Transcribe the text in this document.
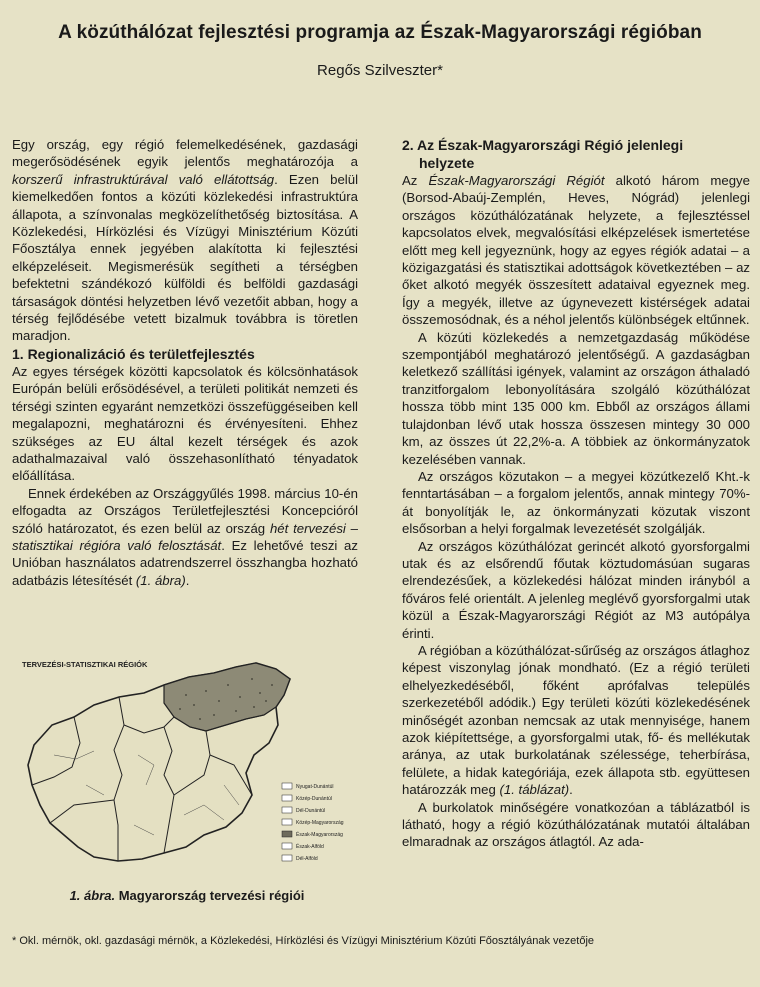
A közúthálózat fejlesztési programja az Észak-Magyarországi régióban
Regős Szilveszter*

Egy ország, egy régió felemelkedésének, gazdasági megerősödésének egyik jelentős meghatározója a korszerű infrastruktúrával való ellátottság. Ezen belül kiemelkedően fontos a közúti közlekedési infrastruktúra állapota, a színvonalas megközelíthetőség biztosítása. A Közlekedési, Hírközlési és Vízügyi Minisztérium Közúti Főosztálya ennek jegyében alakította ki fejlesztési elképzeléseit. Megismerésük segítheti a térségben befektetni szándékozó külföldi és belföldi gazdasági társaságok döntési helyzetben lévő vezetőit abban, hogy a térség fejlődésébe vetett bizalmuk továbbra is töretlen maradjon.

1. Regionalizáció és területfejlesztés

Az egyes térségek közötti kapcsolatok és kölcsönhatások Európán belüli erősödésével, a területi politikát nemzeti és térségi szinten egyaránt nemzetközi összefüggéseiben kell megalapozni, meghatározni és érvényesíteni. Ehhez szükséges az EU által kezelt térségek és azok adathalmazaival való összehasonlítható tényadatok előállítása.

Ennek érdekében az Országgyűlés 1998. március 10-én elfogadta az Országos Területfejlesztési Koncepcióról szóló határozatot, és ezen belül az ország hét tervezési – statisztikai régióra való felosztását. Ez lehetővé teszi az Unióban használatos adatrendszerrel összhangba hozható adatbázis létesítését (1. ábra).

TERVEZÉSI-STATISZTIKAI RÉGIÓK
Nyugat-Dunántúl
Közép-Dunántúl
Dél-Dunántúl
Közép-Magyarország
Észak-Magyarország
Észak-Alföld
Dél-Alföld
1. ábra. Magyarország tervezési régiói

2. Az Észak-Magyarországi Régió jelenlegi
helyzete

Az Észak-Magyarországi Régiót alkotó három megye (Borsod-Abaúj-Zemplén, Heves, Nógrád) jelenlegi országos közúthálózatának helyzete, a fejlesztéssel kapcsolatos elvek, megvalósítási elképzelések ismertetése előtt meg kell jegyeznünk, hogy az egyes régiók adatai – a közigazgatási és statisztikai adottságok következtében – az őket alkotó megyék összesített adataival egyeznek meg. Így a megyék, illetve az úgynevezett kistérségek adatai összemosódnak, és a néhol jelentős különbségek eltűnnek.

A közúti közlekedés a nemzetgazdaság működése szempontjából meghatározó jelentőségű. A gazdaságban keletkező szállítási igények, valamint az országon áthaladó tranzitforgalom lebonyolítására szolgáló közúthálózat hossza több mint 135 000 km. Ebből az országos állami tulajdonban lévő utak hossza összesen mintegy 30 000 km, az összes út 22,2%-a. A többiek az önkormányzatok kezelésében vannak.

Az országos közutakon – a megyei közútkezelő Kht.-k fenntartásában – a forgalom jelentős, annak mintegy 70%-át bonyolítják le, az önkormányzati közutak viszont elsősorban a helyi forgalmak levezetését szolgálják.

Az országos közúthálózat gerincét alkotó gyorsforgalmi utak és az elsőrendű főutak köztudomásúan sugaras elrendezésűek, a közlekedési hálózat minden irányból a főváros felé orientált. A jelenleg meglévő gyorsforgalmi utak közül a Észak-Magyarországi Régiót az M3 autópálya érinti.

A régióban a közúthálózat-sűrűség az országos átlaghoz képest viszonylag jónak mondható. (Ez a régió területi elhelyezkedéséből, főként aprófalvas település szerkezetéből adódik.) Egy területi közúti közlekedésének minőségét azonban nemcsak az utak mennyisége, hanem azok kiépítettsége, a gyorsforgalmi utak, fő- és mellékutak aránya, az utak burkolatának szélessége, teherbírása, felülete, a hidak kategóriája, ezek állapota stb. együttesen határozzák meg (1. táblázat).

A burkolatok minőségére vonatkozóan a táblázatból is látható, hogy a régió közúthálózatának mutatói általában elmaradnak az országos átlagtól. Az ada-

* Okl. mérnök, okl. gazdasági mérnök, a Közlekedési, Hírközlési és Vízügyi Minisztérium Közúti Főosztályának vezetője
